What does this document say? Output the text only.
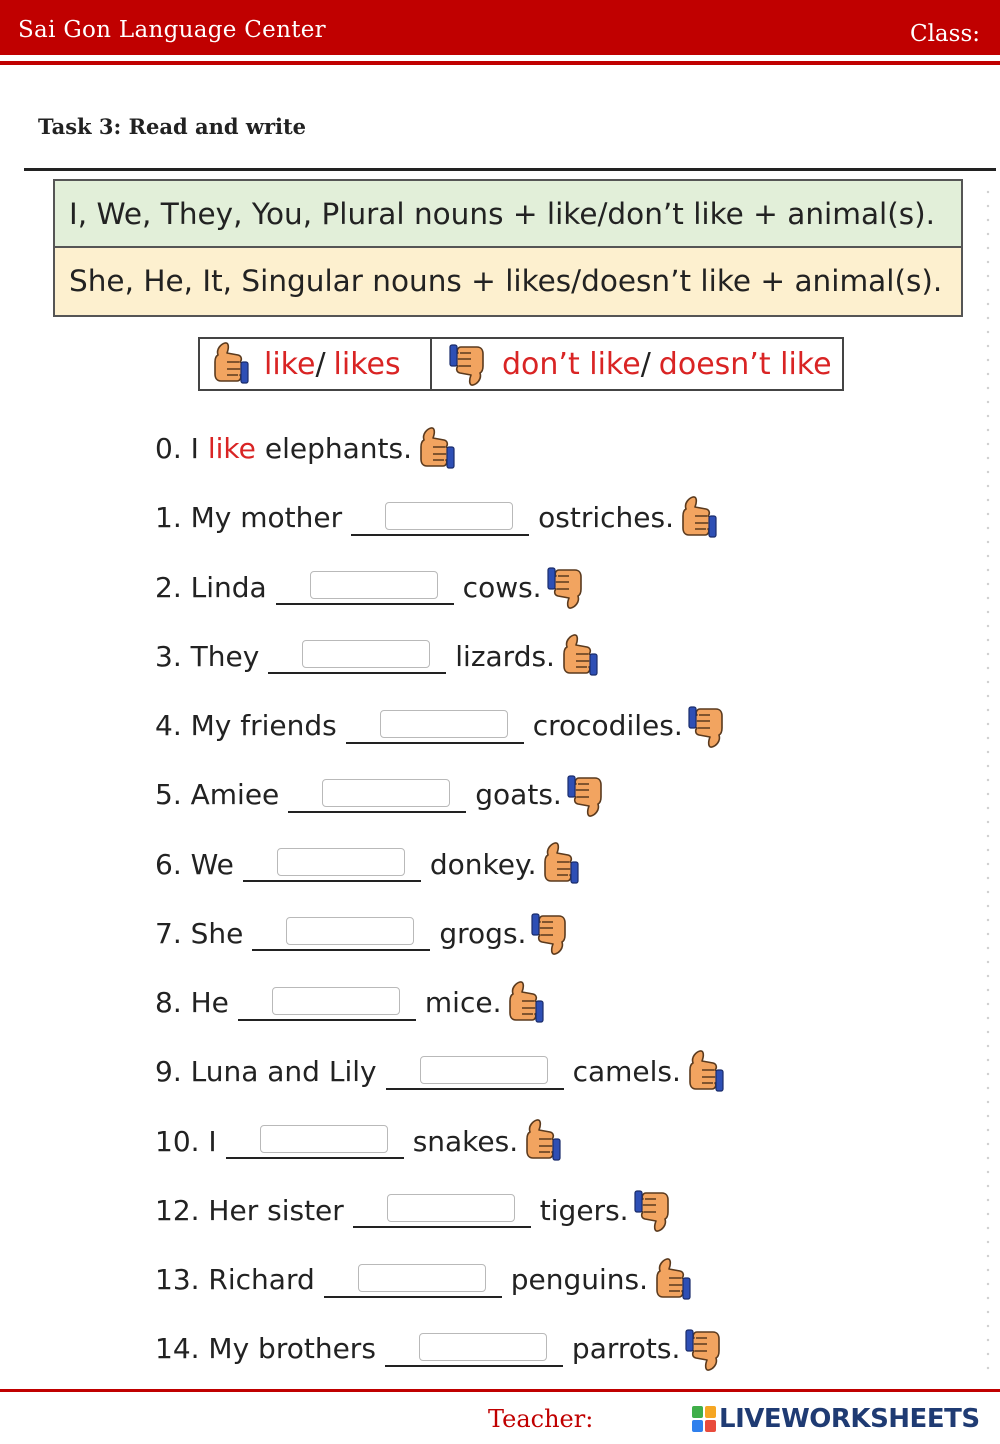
Sai Gon Language Center	Class:
Task 3: Read and write
I, We, They, You, Plural nouns + like/don’t like + animal(s).
She, He, It, Singular nouns + likes/doesn’t like + animal(s).
like / likes	don’t like / doesn’t like
0. I like elephants.
1. My mother	ostriches.
2. Linda	cows.
3. They	lizards.
4. My friends	crocodiles.
5. Amiee	goats.
6. We	donkey.
7. She	grogs.
8. He	mice.
9. Luna and Lily	camels.
10. I	snakes.
12. Her sister	tigers.
13. Richard	penguins.
14. My brothers	parrots.
Teacher:	LIVEWORKSHEETS
